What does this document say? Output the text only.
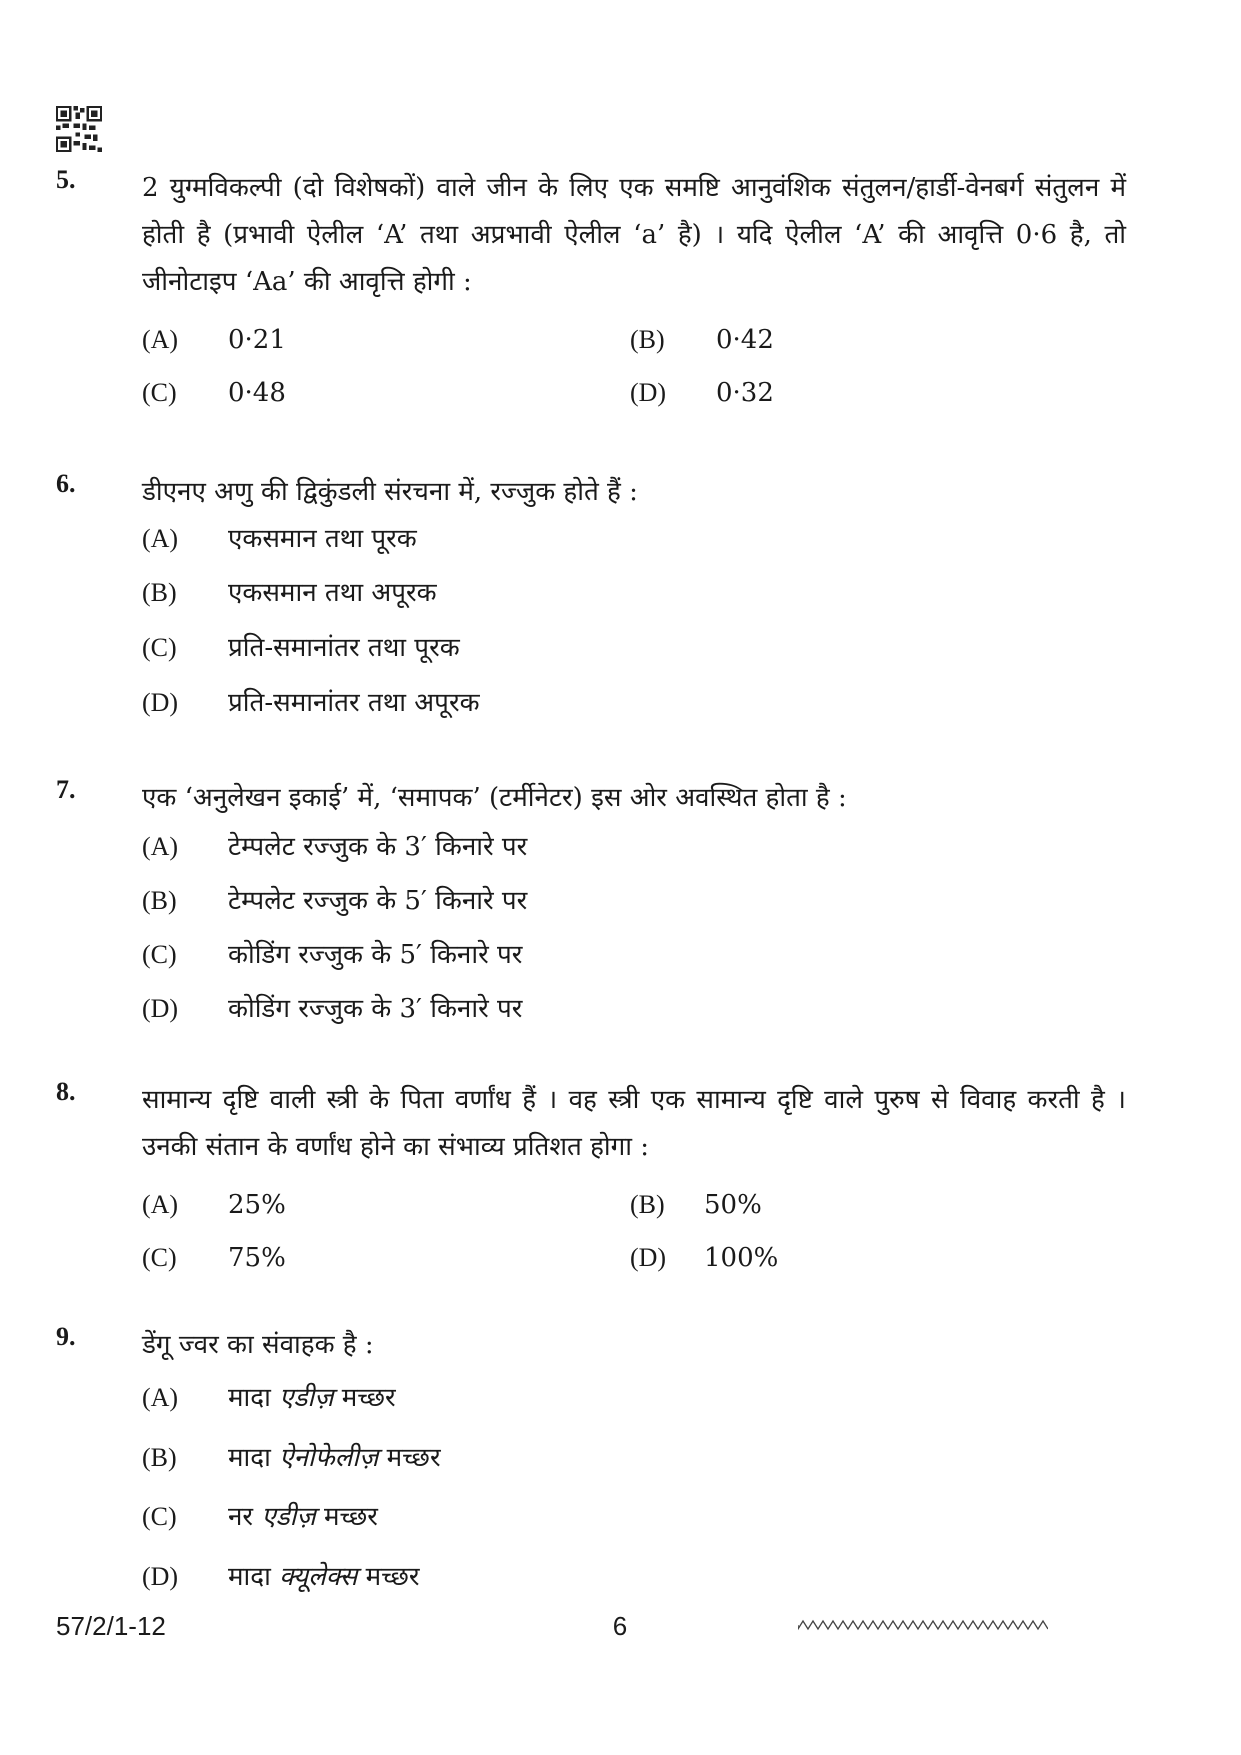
5.	2 युग्मविकल्पी (दो विशेषकों) वाले जीन के लिए एक समष्टि आनुवंशिक संतुलन/हार्डी-वेनबर्ग संतुलन में होती है (प्रभावी ऐलील ‘A’ तथा अप्रभावी ऐलील ‘a’ है) । यदि ऐलील ‘A’ की आवृत्ति 0·6 है, तो जीनोटाइप ‘Aa’ की आवृत्ति होगी :
(A) 0·21	(B) 0·42
(C) 0·48	(D) 0·32
6.	डीएनए अणु की द्विकुंडली संरचना में, रज्जुक होते हैं :
(A) एकसमान तथा पूरक
(B) एकसमान तथा अपूरक
(C) प्रति-समानांतर तथा पूरक
(D) प्रति-समानांतर तथा अपूरक
7.	एक ‘अनुलेखन इकाई’ में, ‘समापक’ (टर्मीनेटर) इस ओर अवस्थित होता है :
(A) टेम्पलेट रज्जुक के 3′ किनारे पर
(B) टेम्पलेट रज्जुक के 5′ किनारे पर
(C) कोडिंग रज्जुक के 5′ किनारे पर
(D) कोडिंग रज्जुक के 3′ किनारे पर
8.	सामान्य दृष्टि वाली स्त्री के पिता वर्णांध हैं । वह स्त्री एक सामान्य दृष्टि वाले पुरुष से विवाह करती है । उनकी संतान के वर्णांध होने का संभाव्य प्रतिशत होगा :
(A) 25%	(B) 50%
(C) 75%	(D) 100%
9.	डेंगू ज्वर का संवाहक है :
(A) मादा एडीज़ मच्छर
(B) मादा ऐनोफेलीज़ मच्छर
(C) नर एडीज़ मच्छर
(D) मादा क्यूलेक्स मच्छर
57/2/1-12	6
